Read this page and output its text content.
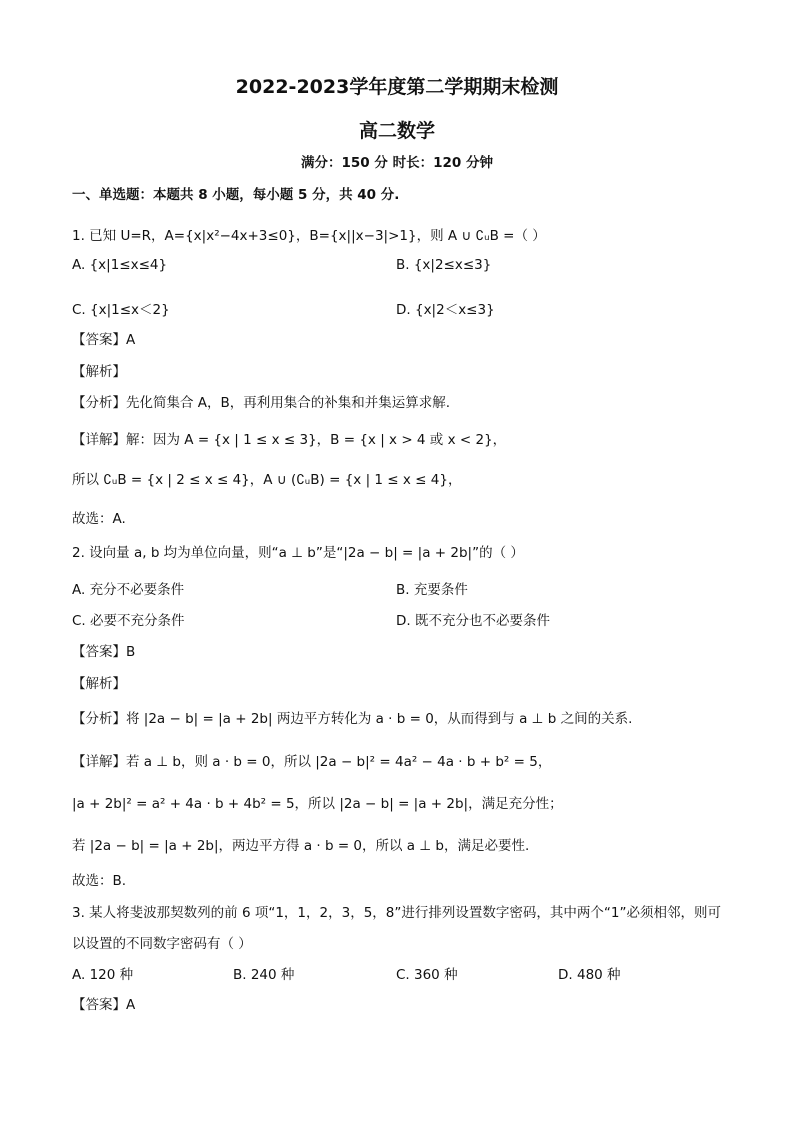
2022-2023学年度第二学期期末检测
高二数学
满分：150 分 时长：120 分钟
一、单选题：本题共 8 小题，每小题 5 分，共 40 分.
1. 已知 U=R，A={x|x²−4x+3≤0}，B={x||x−3|>1}，则 A ∪ ∁ᵤB =（ ）
A. {x|1≤x≤4}	B. {x|2≤x≤3}
C. {x|1≤x＜2}	D. {x|2＜x≤3}
【答案】A
【解析】
【分析】先化简集合 A，B，再利用集合的补集和并集运算求解.
【详解】解：因为 A = {x | 1 ≤ x ≤ 3}，B = {x | x > 4 或 x < 2}，
所以 ∁ᵤB = {x | 2 ≤ x ≤ 4}，A ∪ (∁ᵤB) = {x | 1 ≤ x ≤ 4}，
故选：A.
2. 设向量 a, b 均为单位向量，则“a ⊥ b”是“|2a − b| = |a + 2b|”的（ ）
A. 充分不必要条件	B. 充要条件
C. 必要不充分条件	D. 既不充分也不必要条件
【答案】B
【解析】
【分析】将 |2a − b| = |a + 2b| 两边平方转化为 a · b = 0，从而得到与 a ⊥ b 之间的关系.
【详解】若 a ⊥ b，则 a · b = 0，所以 |2a − b|² = 4a² − 4a · b + b² = 5，
|a + 2b|² = a² + 4a · b + 4b² = 5，所以 |2a − b| = |a + 2b|，满足充分性；
若 |2a − b| = |a + 2b|，两边平方得 a · b = 0，所以 a ⊥ b，满足必要性.
故选：B.
3. 某人将斐波那契数列的前 6 项“1，1，2，3，5，8”进行排列设置数字密码，其中两个“1”必须相邻，则可
以设置的不同数字密码有（ ）
A. 120 种	B. 240 种	C. 360 种	D. 480 种
【答案】A
